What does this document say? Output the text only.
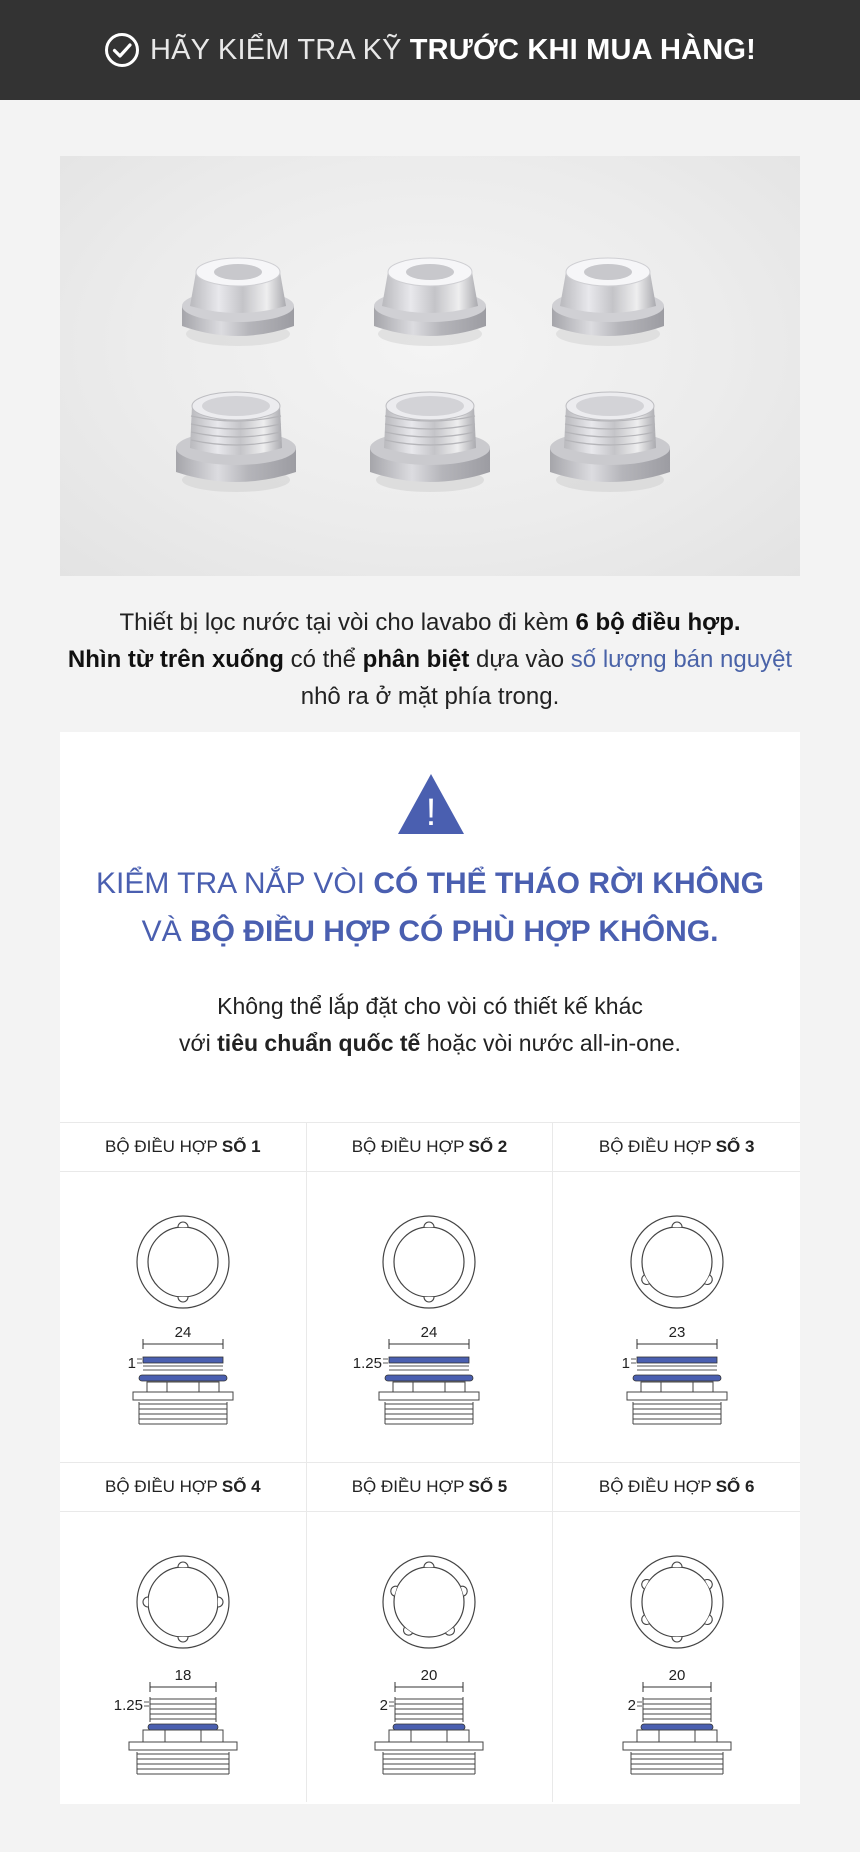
HÃY KIỂM TRA KỸ TRƯỚC KHI MUA HÀNG!
Thiết bị lọc nước tại vòi cho lavabo đi kèm 6 bộ điều hợp.
Nhìn từ trên xuống có thể phân biệt dựa vào số lượng bán nguyệt
nhô ra ở mặt phía trong.
!
KIỂM TRA NẮP VÒI CÓ THỂ THÁO RỜI KHÔNG
VÀ BỘ ĐIỀU HỢP CÓ PHÙ HỢP KHÔNG.
Không thể lắp đặt cho vòi có thiết kế khác
với tiêu chuẩn quốc tế hoặc vòi nước all-in-one.
BỘ ĐIỀU HỢP SỐ 1
24
1
BỘ ĐIỀU HỢP SỐ 2
24
1.25
BỘ ĐIỀU HỢP SỐ 3
23
1
BỘ ĐIỀU HỢP SỐ 4
18
1.25
BỘ ĐIỀU HỢP SỐ 5
20
2
BỘ ĐIỀU HỢP SỐ 6
20
2
